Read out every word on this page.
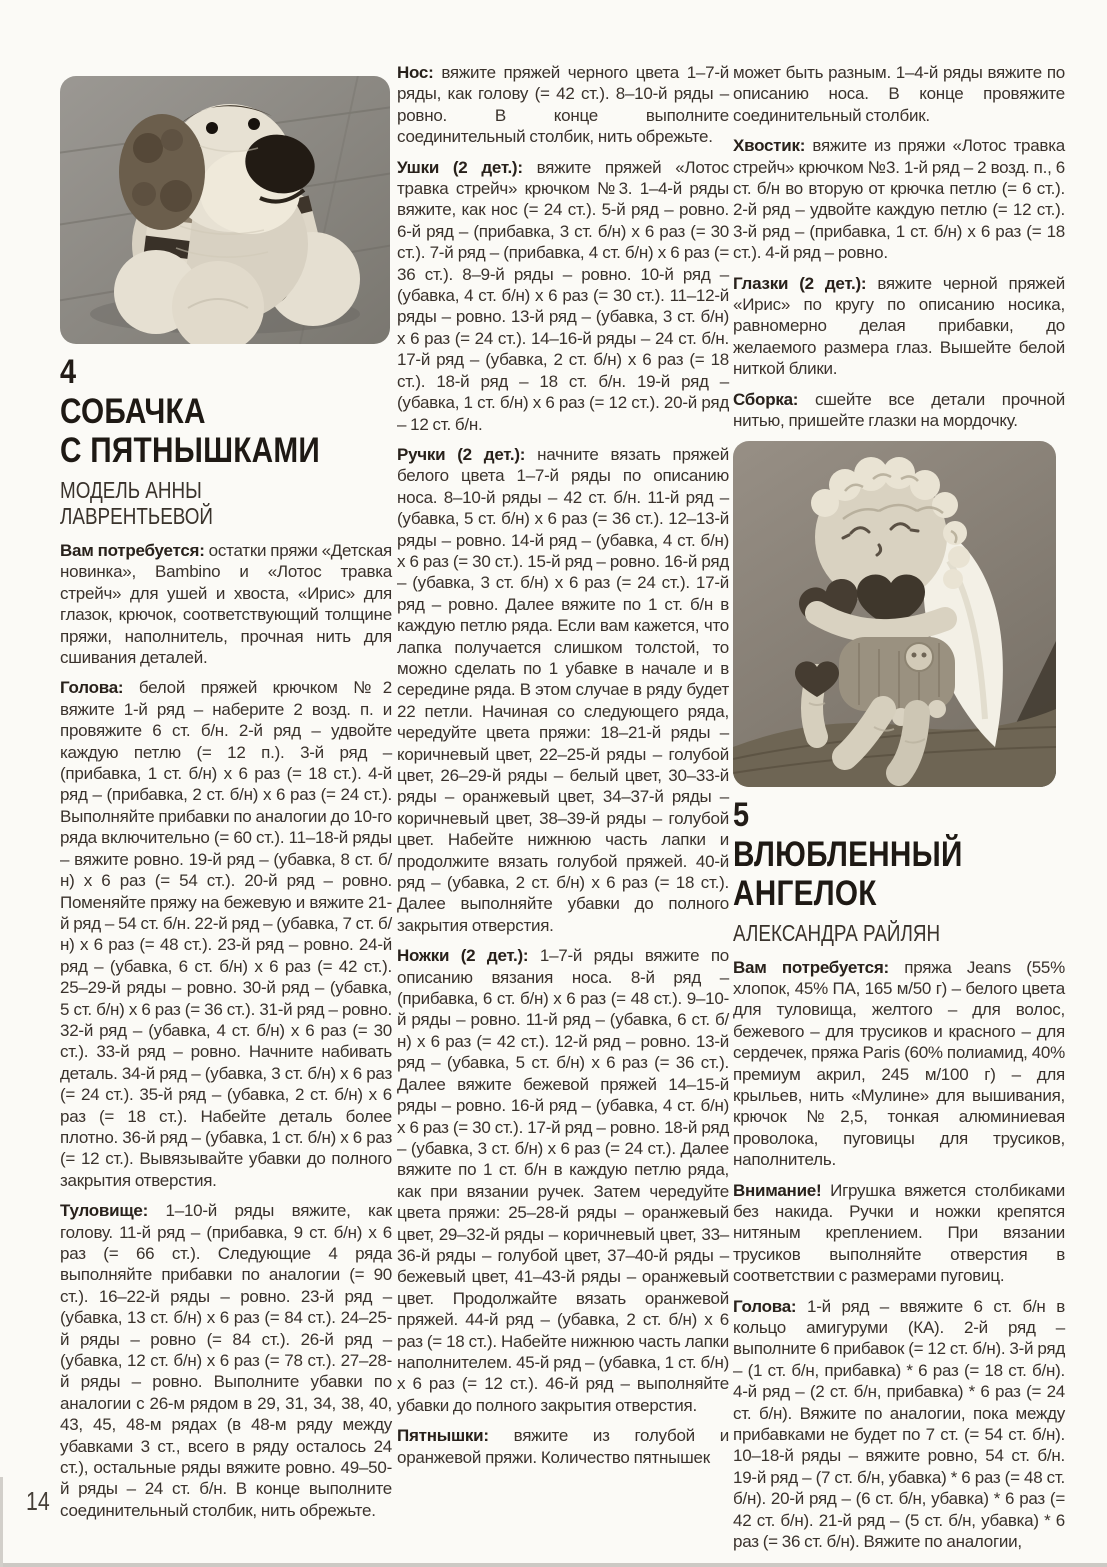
4
СОБАЧКА
С ПЯТНЫШКАМИ
МОДЕЛЬ АННЫ ЛАВРЕНТЬЕВОЙ

Вам потребуется: остатки пряжи «Детская новинка», Bambino и «Лотос травка стрейч» для ушей и хвоста, «Ирис» для глазок, крючок, соответствующий толщине пряжи, наполнитель, прочная нить для сшивания деталей.

Голова: белой пряжей крючком №2 вяжите 1-й ряд – наберите 2 возд. п. и провяжите 6 ст. б/н. 2-й ряд – удвойте каждую петлю (= 12 п.). 3-й ряд – (прибавка, 1 ст. б/н) х 6 раз (= 18 ст.). 4-й ряд – (прибавка, 2 ст. б/н) х 6 раз (= 24 ст.). Выполняйте прибавки по аналогии до 10-го ряда включительно (= 60 ст.). 11–18-й ряды – вяжите ровно. 19-й ряд – (убавка, 8 ст. б/н) х 6 раз (= 54 ст.). 20-й ряд – ровно. Поменяйте пряжу на бежевую и вяжите 21-й ряд – 54 ст. б/н. 22-й ряд – (убавка, 7 ст. б/н) х 6 раз (= 48 ст.). 23-й ряд – ровно. 24-й ряд – (убавка, 6 ст. б/н) х 6 раз (= 42 ст.). 25–29-й ряды – ровно. 30-й ряд – (убавка, 5 ст. б/н) х 6 раз (= 36 ст.). 31-й ряд – ровно. 32-й ряд – (убавка, 4 ст. б/н) х 6 раз (= 30 ст.). 33-й ряд – ровно. Начните набивать деталь. 34-й ряд – (убавка, 3 ст. б/н) х 6 раз (= 24 ст.). 35-й ряд – (убавка, 2 ст. б/н) х 6 раз (= 18 ст.). Набейте деталь более плотно. 36-й ряд – (убавка, 1 ст. б/н) х 6 раз (= 12 ст.). Вывязывайте убавки до полного закрытия отверстия.

Туловище: 1–10-й ряды вяжите, как голову. 11-й ряд – (прибавка, 9 ст. б/н) х 6 раз (= 66 ст.). Следующие 4 ряда выполняйте прибавки по аналогии (= 90 ст.). 16–22-й ряды – ровно. 23-й ряд – (убавка, 13 ст. б/н) х 6 раз (= 84 ст.). 24–25-й ряды – ровно (= 84 ст.). 26-й ряд – (убавка, 12 ст. б/н) х 6 раз (= 78 ст.). 27–28-й ряды – ровно. Выполните убавки по аналогии с 26-м рядом в 29, 31, 34, 38, 40, 43, 45, 48-м рядах (в 48-м ряду между убавками 3 ст., всего в ряду осталось 24 ст.), остальные ряды вяжите ровно. 49–50-й ряды – 24 ст. б/н. В конце выполните соединительный столбик, нить обрежьте.

Нос: вяжите пряжей черного цвета 1–7-й ряды, как голову (= 42 ст.). 8–10-й ряды – ровно. В конце выполните соединительный столбик, нить обрежьте.

Ушки (2 дет.): вяжите пряжей «Лотос травка стрейч» крючком №3. 1–4-й ряды вяжите, как нос (= 24 ст.). 5-й ряд – ровно. 6-й ряд – (прибавка, 3 ст. б/н) х 6 раз (= 30 ст.). 7-й ряд – (прибавка, 4 ст. б/н) х 6 раз (= 36 ст.). 8–9-й ряды – ровно. 10-й ряд – (убавка, 4 ст. б/н) х 6 раз (= 30 ст.). 11–12-й ряды – ровно. 13-й ряд – (убавка, 3 ст. б/н) х 6 раз (= 24 ст.). 14–16-й ряды – 24 ст. б/н. 17-й ряд – (убавка, 2 ст. б/н) х 6 раз (= 18 ст.). 18-й ряд – 18 ст. б/н. 19-й ряд – (убавка, 1 ст. б/н) х 6 раз (= 12 ст.). 20-й ряд – 12 ст. б/н.

Ручки (2 дет.): начните вязать пряжей белого цвета 1–7-й ряды по описанию носа. 8–10-й ряды – 42 ст. б/н. 11-й ряд – (убавка, 5 ст. б/н) х 6 раз (= 36 ст.). 12–13-й ряды – ровно. 14-й ряд – (убавка, 4 ст. б/н) х 6 раз (= 30 ст.). 15-й ряд – ровно. 16-й ряд – (убавка, 3 ст. б/н) х 6 раз (= 24 ст.). 17-й ряд – ровно. Далее вяжите по 1 ст. б/н в каждую петлю ряда. Если вам кажется, что лапка получается слишком толстой, то можно сделать по 1 убавке в начале и в середине ряда. В этом случае в ряду будет 22 петли. Начиная со следующего ряда, чередуйте цвета пряжи: 18–21-й ряды – коричневый цвет, 22–25-й ряды – голубой цвет, 26–29-й ряды – белый цвет, 30–33-й ряды – оранжевый цвет, 34–37-й ряды – коричневый цвет, 38–39-й ряды – голубой цвет. Набейте нижнюю часть лапки и продолжите вязать голубой пряжей. 40-й ряд – (убавка, 2 ст. б/н) х 6 раз (= 18 ст.). Далее выполняйте убавки до полного закрытия отверстия.

Ножки (2 дет.): 1–7-й ряды вяжите по описанию вязания носа. 8-й ряд – (прибавка, 6 ст. б/н) х 6 раз (= 48 ст.). 9–10-й ряды – ровно. 11-й ряд – (убавка, 6 ст. б/н) х 6 раз (= 42 ст.). 12-й ряд – ровно. 13-й ряд – (убавка, 5 ст. б/н) х 6 раз (= 36 ст.). Далее вяжите бежевой пряжей 14–15-й ряды – ровно. 16-й ряд – (убавка, 4 ст. б/н) х 6 раз (= 30 ст.). 17-й ряд – ровно. 18-й ряд – (убавка, 3 ст. б/н) х 6 раз (= 24 ст.). Далее вяжите по 1 ст. б/н в каждую петлю ряда, как при вязании ручек. Затем чередуйте цвета пряжи: 25–28-й ряды – оранжевый цвет, 29–32-й ряды – коричневый цвет, 33–36-й ряды – голубой цвет, 37–40-й ряды – бежевый цвет, 41–43-й ряды – оранжевый цвет. Продолжайте вязать оранжевой пряжей. 44-й ряд – (убавка, 2 ст. б/н) х 6 раз (= 18 ст.). Набейте нижнюю часть лапки наполнителем. 45-й ряд – (убавка, 1 ст. б/н) х 6 раз (= 12 ст.). 46-й ряд – выполняйте убавки до полного закрытия отверстия.

Пятнышки: вяжите из голубой и оранжевой пряжи. Количество пятнышек

может быть разным. 1–4-й ряды вяжите по описанию носа. В конце провяжите соединительный столбик.

Хвостик: вяжите из пряжи «Лотос травка стрейч» крючком №3. 1-й ряд – 2 возд. п., 6 ст. б/н во вторую от крючка петлю (= 6 ст.). 2-й ряд – удвойте каждую петлю (= 12 ст.). 3-й ряд – (прибавка, 1 ст. б/н) х 6 раз (= 18 ст.). 4-й ряд – ровно.

Глазки (2 дет.): вяжите черной пряжей «Ирис» по кругу по описанию носика, равномерно делая прибавки, до желаемого размера глаз. Вышейте белой ниткой блики.

Сборка: сшейте все детали прочной нитью, пришейте глазки на мордочку.

5
ВЛЮБЛЕННЫЙ АНГЕЛОК
АЛЕКСАНДРА РАЙЛЯН

Вам потребуется: пряжа Jeans (55% хлопок, 45% ПА, 165 м/50 г) – белого цвета для туловища, желтого – для волос, бежевого – для трусиков и красного – для сердечек, пряжа Paris (60% полиамид, 40% премиум акрил, 245 м/100 г) – для крыльев, нить «Мулине» для вышивания, крючок №2,5, тонкая алюминиевая проволока, пуговицы для трусиков, наполнитель.

Внимание! Игрушка вяжется столбиками без накида. Ручки и ножки крепятся нитяным креплением. При вязании трусиков выполняйте отверстия в соответствии с размерами пуговиц.

Голова: 1-й ряд – ввяжите 6 ст. б/н в кольцо амигуруми (КА). 2-й ряд – выполните 6 прибавок (= 12 ст. б/н). 3-й ряд – (1 ст. б/н, прибавка) * 6 раз (= 18 ст. б/н). 4-й ряд – (2 ст. б/н, прибавка) * 6 раз (= 24 ст. б/н). Вяжите по аналогии, пока между прибавками не будет по 7 ст. (= 54 ст. б/н). 10–18-й ряды – вяжите ровно, 54 ст. б/н. 19-й ряд – (7 ст. б/н, убавка) * 6 раз (= 48 ст. б/н). 20-й ряд – (6 ст. б/н, убавка) * 6 раз (= 42 ст. б/н). 21-й ряд – (5 ст. б/н, убавка) * 6 раз (= 36 ст. б/н). Вяжите по аналогии,

14
